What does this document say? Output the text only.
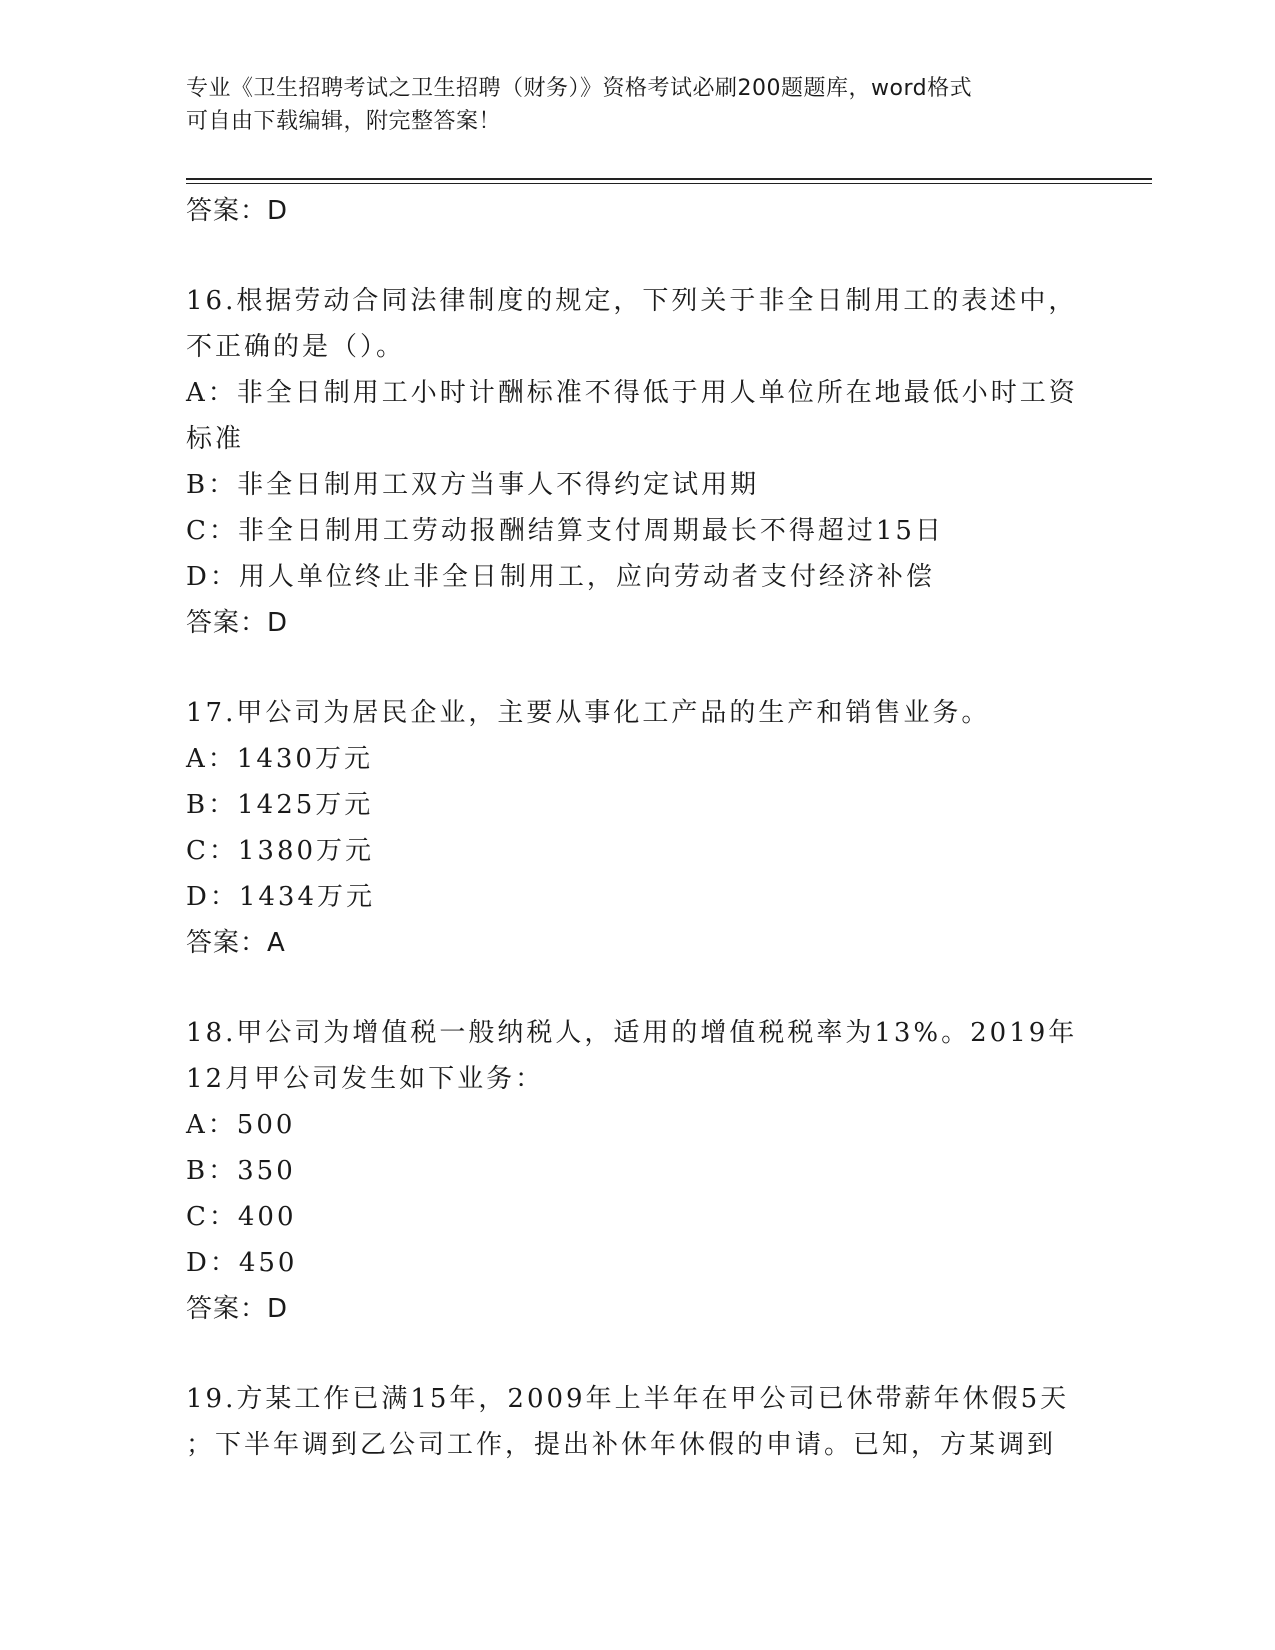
专业《卫生招聘考试之卫生招聘（财务）》资格考试必刷200题题库，word格式
可自由下载编辑，附完整答案！
答案：D
16.根据劳动合同法律制度的规定，下列关于非全日制用工的表述中，
不正确的是（）。
A：非全日制用工小时计酬标准不得低于用人单位所在地最低小时工资
标准
B：非全日制用工双方当事人不得约定试用期
C：非全日制用工劳动报酬结算支付周期最长不得超过15日
D：用人单位终止非全日制用工，应向劳动者支付经济补偿
答案：D
17.甲公司为居民企业，主要从事化工产品的生产和销售业务。
A：1430万元
B：1425万元
C：1380万元
D：1434万元
答案：A
18.甲公司为增值税一般纳税人，适用的增值税税率为13%。2019年
12月甲公司发生如下业务：
A：500
B：350
C：400
D：450
答案：D
19.方某工作已满15年，2009年上半年在甲公司已休带薪年休假5天
；下半年调到乙公司工作，提出补休年休假的申请。已知，方某调到
